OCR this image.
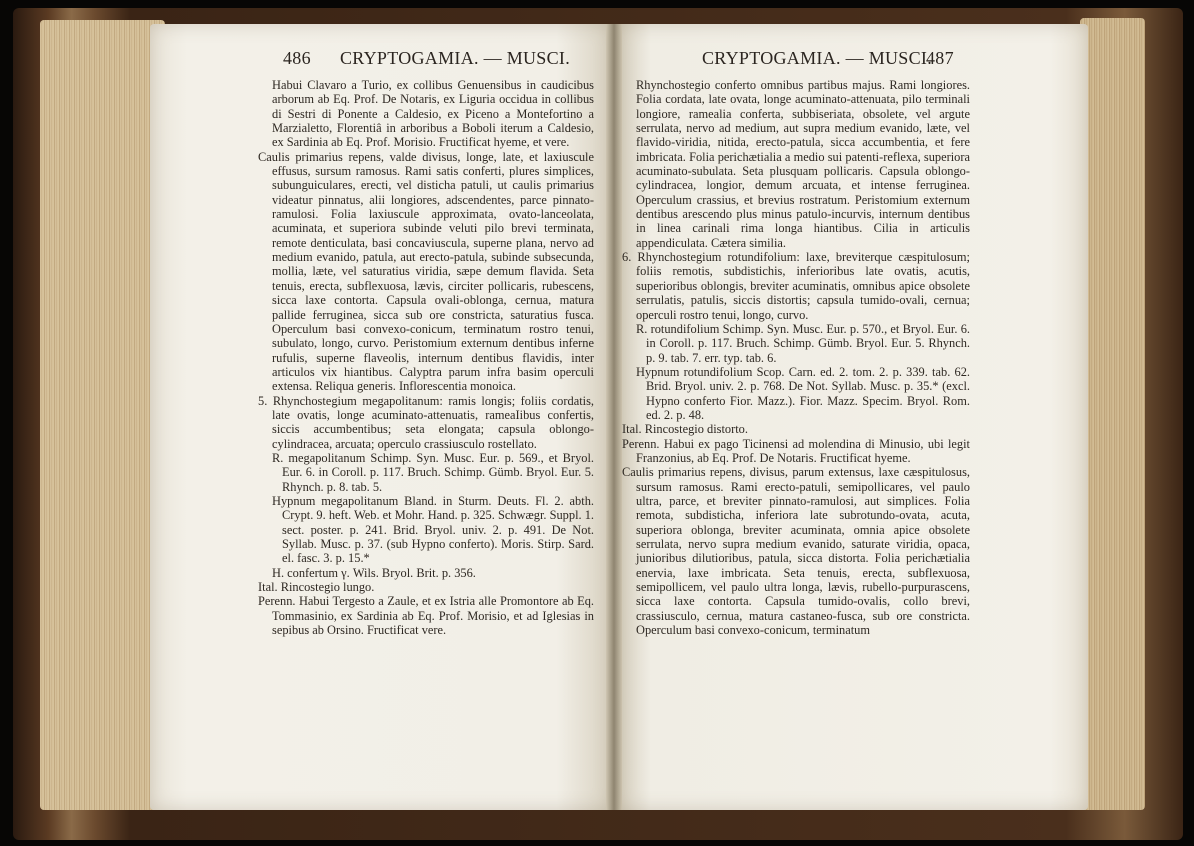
486 CRYPTOGAMIA. — MUSCI.	CRYPTOGAMIA. — MUSCI.
487

Habui Clavaro a Turio, ex collibus Genuensibus in caudicibus arborum ab Eq. Prof. De Notaris, ex Liguria occidua in collibus di Sestri di Ponente a Caldesio, ex Piceno a Montefortino a Marzialetto, Florentiâ in arboribus a Boboli iterum a Caldesio, ex Sardinia ab Eq. Prof. Morisio. Fructificat hyeme, et vere.

Caulis primarius repens, valde divisus, longe, late, et laxiuscule effusus, sursum ramosus. Rami satis conferti, plures simplices, subunguiculares, erecti, vel disticha patuli, ut caulis primarius videatur pinnatus, alii longiores, adscendentes, parce pinnato-ramulosi. Folia laxiuscule approximata, ovato-lanceolata, acuminata, et superiora subinde veluti pilo brevi terminata, remote denticulata, basi concaviuscula, superne plana, nervo ad medium evanido, patula, aut erecto-patula, subinde subsecunda, mollia, læte, vel saturatius viridia, sæpe demum flavida. Seta tenuis, erecta, subflexuosa, lævis, circiter pollicaris, rubescens, sicca laxe contorta. Capsula ovali-oblonga, cernua, matura pallide ferruginea, sicca sub ore constricta, saturatius fusca. Operculum basi convexo-conicum, terminatum rostro tenui, subulato, longo, curvo. Peristomium externum dentibus inferne rufulis, superne flaveolis, internum dentibus flavidis, inter articulos vix hiantibus. Calyptra parum infra basim operculi extensa. Reliqua generis. Inflorescentia monoica.

5. Rhynchostegium megapolitanum: ramis longis; foliis cordatis, late ovatis, longe acuminato-attenuatis, rameaIibus confertis, siccis accumbentibus; seta elongata; capsula oblongo-cylindracea, arcuata; operculo crassiusculo rostellato.

R. megapolitanum Schimp. Syn. Musc. Eur. p. 569., et Bryol. Eur. 6. in Coroll. p. 117. Bruch. Schimp. Gümb. Bryol. Eur. 5. Rhynch. p. 8. tab. 5.

Hypnum megapolitanum Bland. in Sturm. Deuts. Fl. 2. abth. Crypt. 9. heft. Web. et Mohr. Hand. p. 325. Schwægr. Suppl. 1. sect. poster. p. 241. Brid. Bryol. univ. 2. p. 491. De Not. Syllab. Musc. p. 37. (sub Hypno conferto). Moris. Stirp. Sard. el. fasc. 3. p. 15.*

H. confertum γ. Wils. Bryol. Brit. p. 356.

Ital. Rincostegio lungo.

Perenn. Habui Tergesto a Zaule, et ex Istria alle Promontore ab Eq. Tommasinio, ex Sardinia ab Eq. Prof. Morisio, et ad Iglesias in sepibus ab Orsino. Fructificat vere.

Rhynchostegio conferto omnibus partibus majus. Rami longiores. Folia cordata, late ovata, longe acuminato-attenuata, pilo terminali longiore, ramealia conferta, subbiseriata, obsolete, vel argute serrulata, nervo ad medium, aut supra medium evanido, læte, vel flavido-viridia, nitida, erecto-patula, sicca accumbentia, et fere imbricata. Folia perichætialia a medio sui patenti-reflexa, superiora acuminato-subulata. Seta plusquam pollicaris. Capsula oblongo-cylindracea, longior, demum arcuata, et intense ferruginea. Operculum crassius, et brevius rostratum. Peristomium externum dentibus arescendo plus minus patulo-incurvis, internum dentibus in linea carinali rima longa hiantibus. Cilia in articulis appendiculata. Cætera similia.

6. Rhynchostegium rotundifolium: laxe, breviterque cæspitulosum; foliis remotis, subdistichis, inferioribus late ovatis, acutis, superioribus oblongis, breviter acuminatis, omnibus apice obsolete serrulatis, patulis, siccis distortis; capsula tumido-ovali, cernua; operculi rostro tenui, longo, curvo.

R. rotundifolium Schimp. Syn. Musc. Eur. p. 570., et Bryol. Eur. 6. in Coroll. p. 117. Bruch. Schimp. Gümb. Bryol. Eur. 5. Rhynch. p. 9. tab. 7. err. typ. tab. 6.

Hypnum rotundifolium Scop. Carn. ed. 2. tom. 2. p. 339. tab. 62. Brid. Bryol. univ. 2. p. 768. De Not. Syllab. Musc. p. 35.* (excl. Hypno conferto Fior. Mazz.). Fior. Mazz. Specim. Bryol. Rom. ed. 2. p. 48.

Ital. Rincostegio distorto.

Perenn. Habui ex pago Ticinensi ad molendina di Minusio, ubi legit Franzonius, ab Eq. Prof. De Notaris. Fructificat hyeme.

Caulis primarius repens, divisus, parum extensus, laxe cæspitulosus, sursum ramosus. Rami erecto-patuli, semipollicares, vel paulo ultra, parce, et breviter pinnato-ramulosi, aut simplices. Folia remota, subdisticha, inferiora late subrotundo-ovata, acuta, superiora oblonga, breviter acuminata, omnia apice obsolete serrulata, nervo supra medium evanido, saturate viridia, opaca, junioribus dilutioribus, patula, sicca distorta. Folia perichætialia enervia, laxe imbricata. Seta tenuis, erecta, subflexuosa, semipollicem, vel paulo ultra longa, lævis, rubello-purpurascens, sicca laxe contorta. Capsula tumido-ovalis, collo brevi, crassiusculo, cernua, matura castaneo-fusca, sub ore constricta. Operculum basi convexo-conicum, terminatum
